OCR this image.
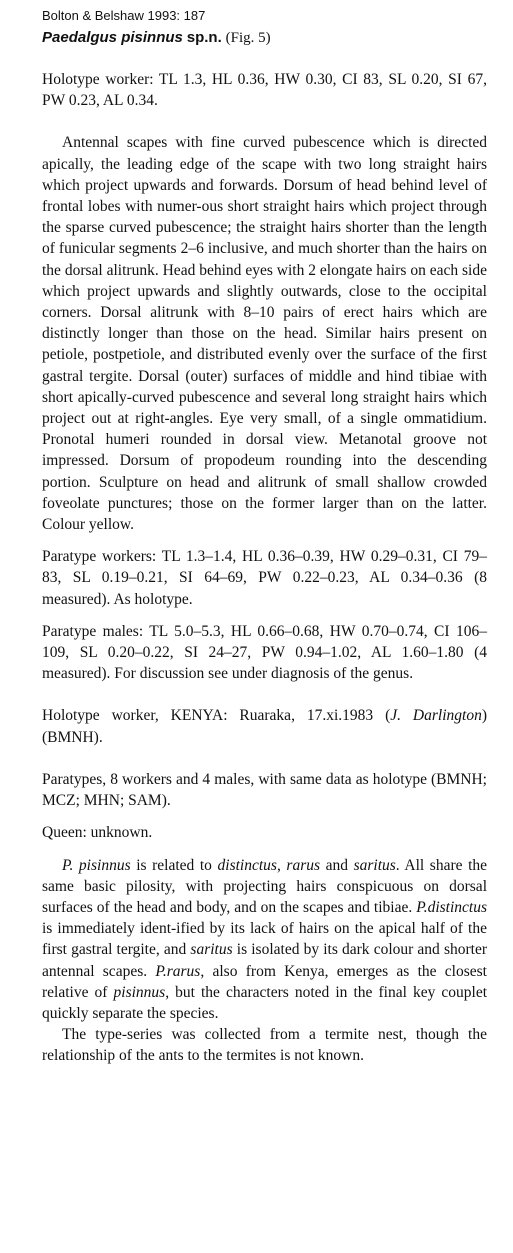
Bolton & Belshaw 1993: 187

Paedalgus pisinnus sp.n. (Fig. 5)

Holotype worker: TL 1.3, HL 0.36, HW 0.30, CI 83, SL 0.20, SI 67, PW 0.23, AL 0.34.

Antennal scapes with fine curved pubescence which is directed apically, the leading edge of the scape with two long straight hairs which project upwards and forwards. Dorsum of head behind level of frontal lobes with numer-ous short straight hairs which project through the sparse curved pubescence; the straight hairs shorter than the length of funicular segments 2–6 inclusive, and much shorter than the hairs on the dorsal alitrunk. Head behind eyes with 2 elongate hairs on each side which project upwards and slightly outwards, close to the occipital corners. Dorsal alitrunk with 8–10 pairs of erect hairs which are distinctly longer than those on the head. Similar hairs present on petiole, postpetiole, and distributed evenly over the surface of the first gastral tergite. Dorsal (outer) surfaces of middle and hind tibiae with short apically-curved pubescence and several long straight hairs which project out at right-angles. Eye very small, of a single ommatidium. Pronotal humeri rounded in dorsal view. Metanotal groove not impressed. Dorsum of propodeum rounding into the descending portion. Sculpture on head and alitrunk of small shallow crowded foveolate punctures; those on the former larger than on the latter. Colour yellow.

Paratype workers: TL 1.3–1.4, HL 0.36–0.39, HW 0.29–0.31, CI 79–83, SL 0.19–0.21, SI 64–69, PW 0.22–0.23, AL 0.34–0.36 (8 measured). As holotype.

Paratype males: TL 5.0–5.3, HL 0.66–0.68, HW 0.70–0.74, CI 106–109, SL 0.20–0.22, SI 24–27, PW 0.94–1.02, AL 1.60–1.80 (4 measured). For discussion see under diagnosis of the genus.

Holotype worker, KENYA: Ruaraka, 17.xi.1983 (J. Darlington) (BMNH).

Paratypes, 8 workers and 4 males, with same data as holotype (BMNH; MCZ; MHN; SAM).

Queen: unknown.

P. pisinnus is related to distinctus, rarus and saritus. All share the same basic pilosity, with projecting hairs conspicuous on dorsal surfaces of the head and body, and on the scapes and tibiae. P.distinctus is immediately ident-ified by its lack of hairs on the apical half of the first gastral tergite, and saritus is isolated by its dark colour and shorter antennal scapes. P.rarus, also from Kenya, emerges as the closest relative of pisinnus, but the characters noted in the final key couplet quickly separate the species.

The type-series was collected from a termite nest, though the relationship of the ants to the termites is not known.
